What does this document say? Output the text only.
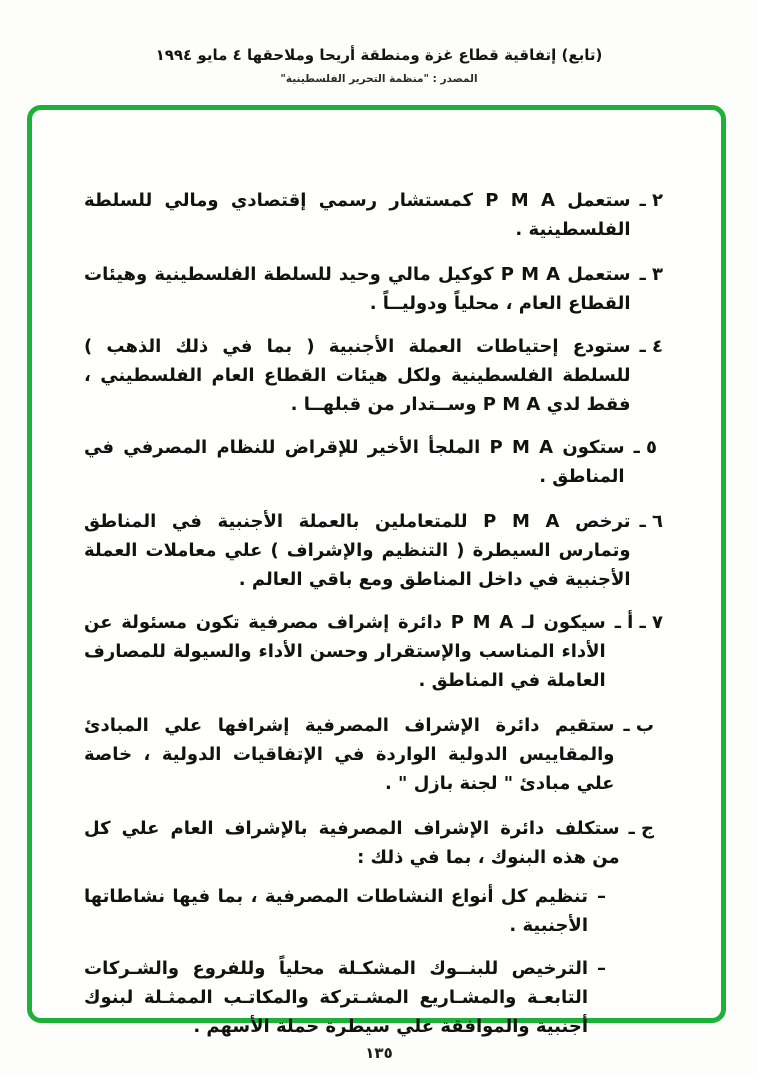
(تابع) إتفاقية قطاع غزة ومنطقة أريحا وملاحقها ٤ مايو ١٩٩٤
المصدر : "منظمة التحرير الفلسطينية"
٢ ـ
ستعمل P M A كمستشار رسمي إقتصادي ومالي للسلطة الفلسطينية .
٣ ـ
ستعمل P M A كوكيل مالي وحيد للسلطة الفلسطينية وهيئات القطاع العام ، محلياً ودوليــاً .
٤ ـ
ستودع إحتياطات العملة الأجنبية ( بما في ذلك الذهب ) للسلطة الفلسطينية ولكل هيئات القطاع العام الفلسطيني ، فقط لدي P M A وســتدار من قبلهــا .
٥ ـ
ستكون P M A الملجأ الأخير للإقراض للنظام المصرفي في المناطق .
٦ ـ
ترخص P M A للمتعاملين بالعملة الأجنبية في المناطق وتمارس السيطرة ( التنظيم والإشراف ) علي معاملات العملة الأجنبية في داخل المناطق ومع باقي العالم .
٧ ـ أ ـ
سيكون لـ P M A دائرة إشراف مصرفية تكون مسئولة عن الأداء المناسب والإستقرار وحسن الأداء والسيولة للمصارف العاملة في المناطق .
ب ـ
ستقيم دائرة الإشراف المصرفية إشرافها علي المبادئ والمقاييس الدولية الواردة في الإتفاقيات الدولية ، خاصة علي مبادئ " لجنة بازل " .
ج ـ
ستكلف دائرة الإشراف المصرفية بالإشراف العام علي كل من هذه البنوك ، بما في ذلك :
–
تنظيم كل أنواع النشاطات المصرفية ، بما فيها نشاطاتها الأجنبية .
–
الترخيص للبنــوك المشكـلة محلياً وللفروع والشـركات التابعـة والمشـاريع المشـتركة والمكاتـب الممثـلة لبنوك أجنبية والموافقة علي سيطرة حملة الأسهم .
١٣٥
